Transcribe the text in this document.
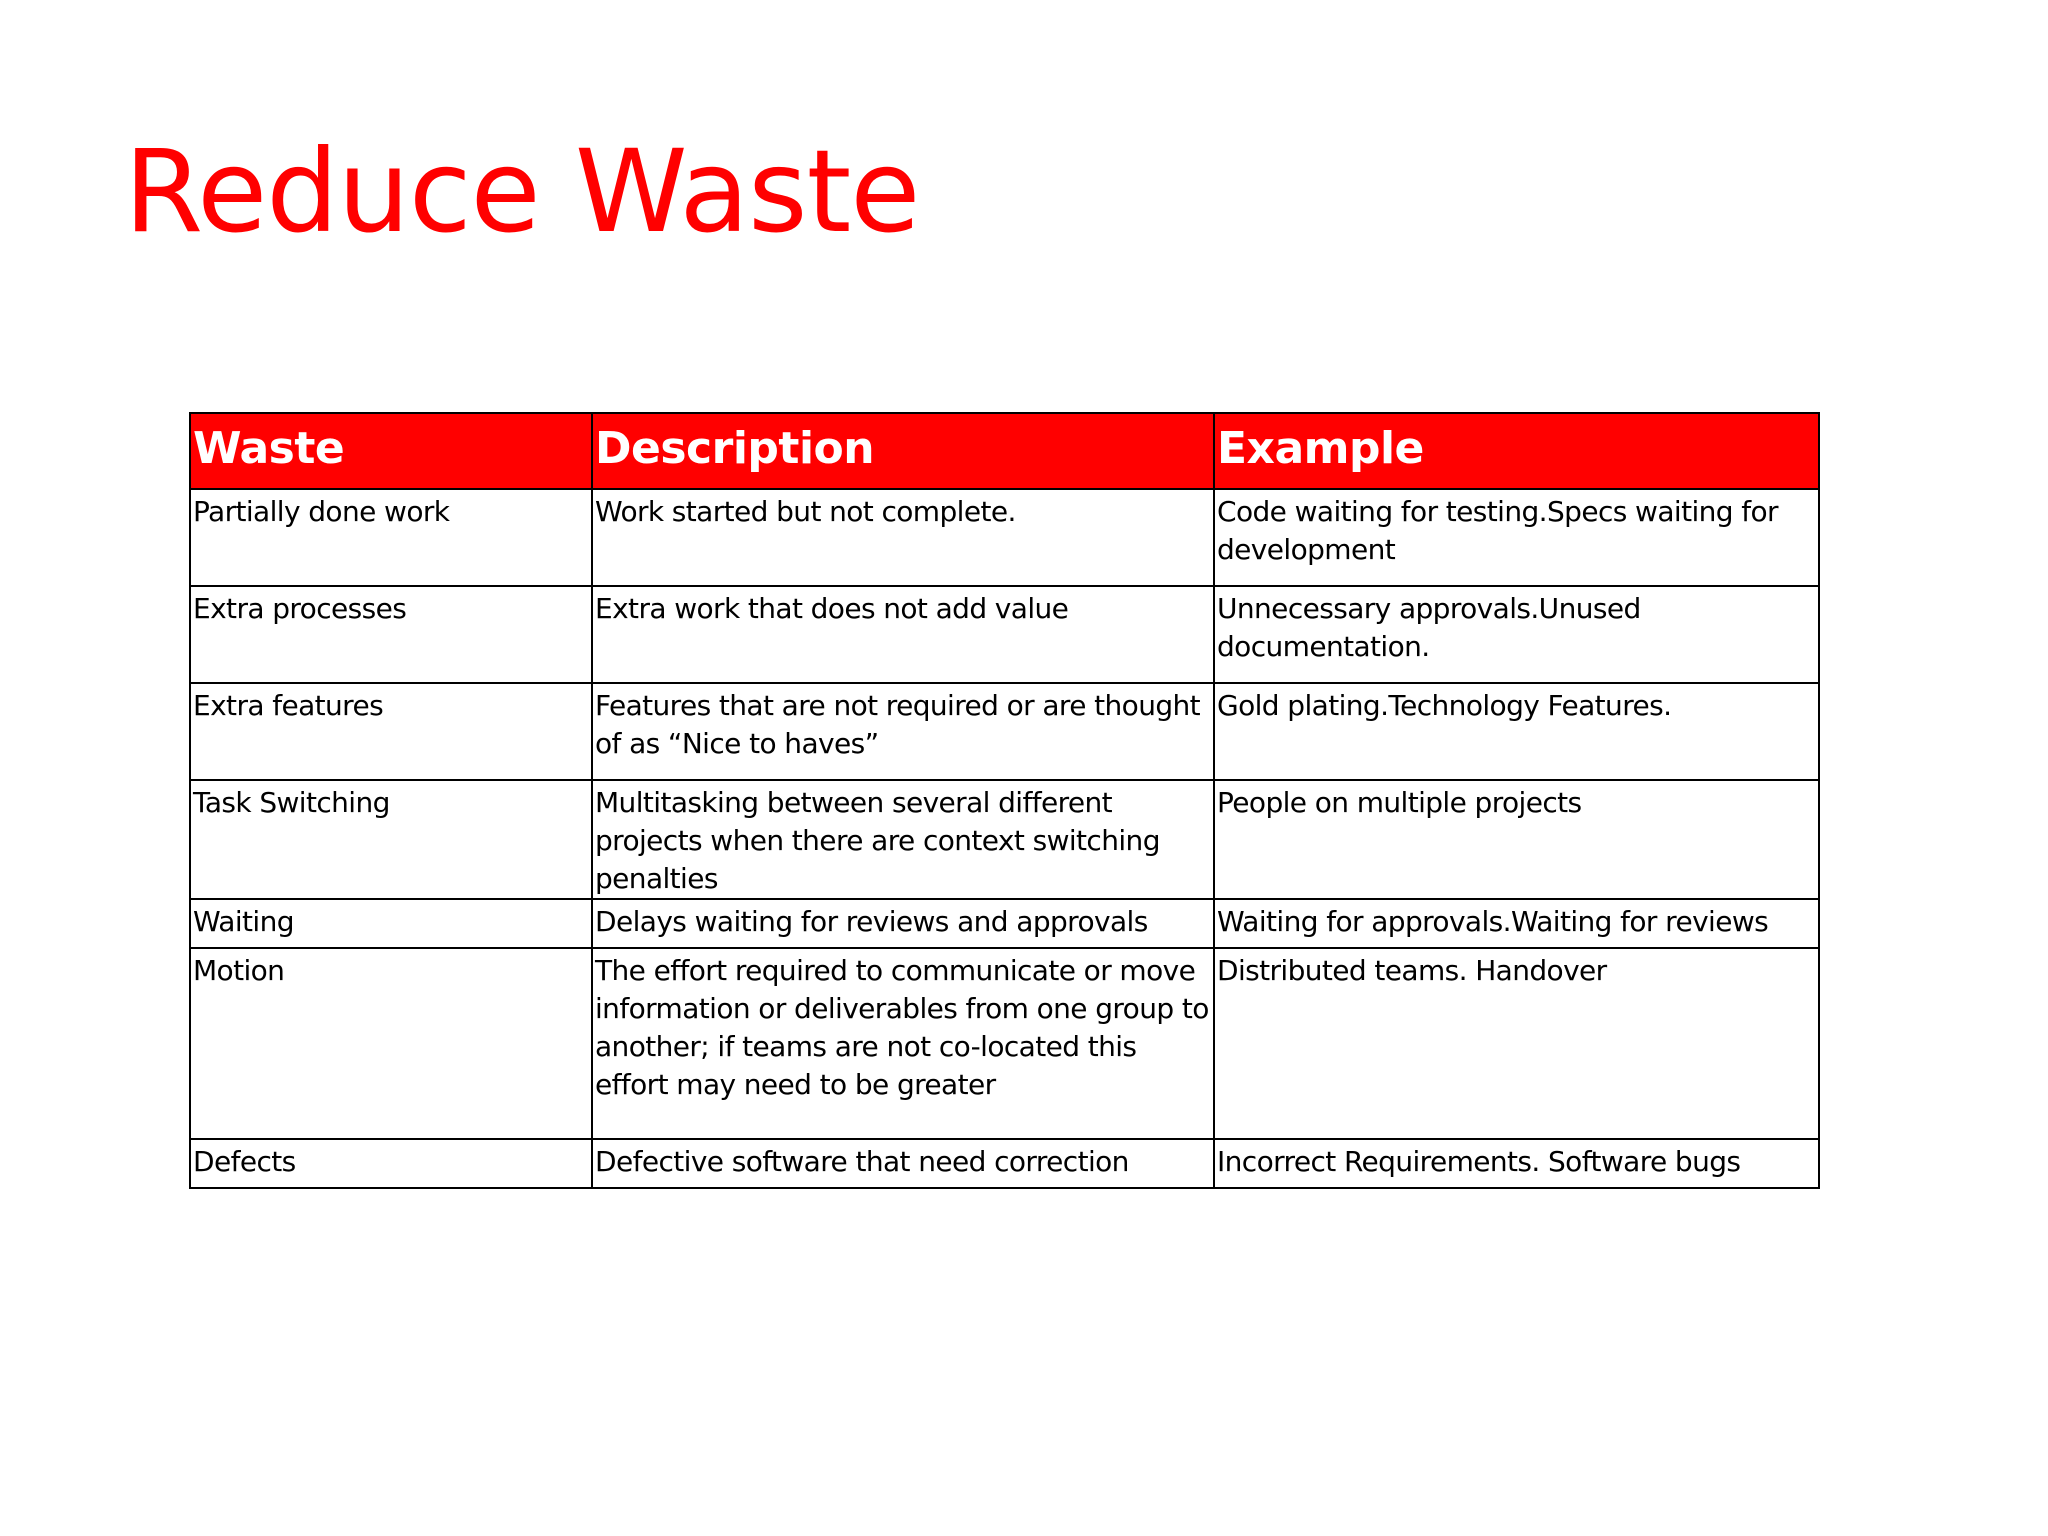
Reduce Waste
Waste	Description	Example
Partially done work	Work started but not complete.	Code waiting for testing.Specs waiting for development
Extra processes	Extra work that does not add value	Unnecessary approvals.Unused documentation.
Extra features	Features that are not required or are thought of as “Nice to haves”	Gold plating.Technology Features.
Task Switching	Multitasking between several different projects when there are context switching penalties	People on multiple projects
Waiting	Delays waiting for reviews and approvals	Waiting for approvals.Waiting for reviews
Motion	The effort required to communicate or move information or deliverables from one group to another; if teams are not co-located this effort may need to be greater	Distributed teams. Handover
Defects	Defective software that need correction	Incorrect Requirements. Software bugs
